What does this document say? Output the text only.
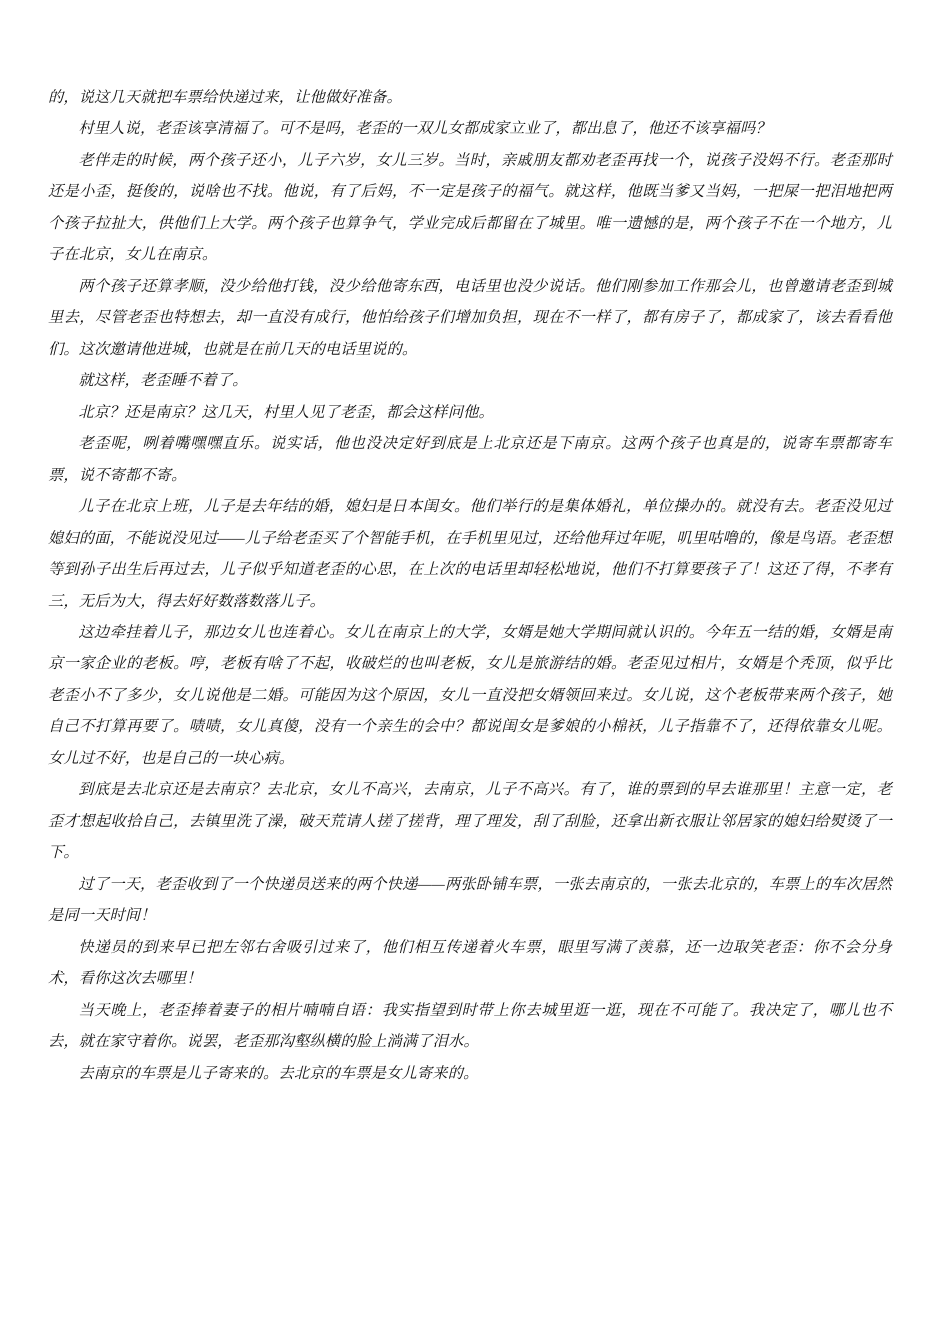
的，说这几天就把车票给快递过来，让他做好准备。

村里人说，老歪该享清福了。可不是吗，老歪的一双儿女都成家立业了，都出息了，他还不该享福吗？

老伴走的时候，两个孩子还小，儿子六岁，女儿三岁。当时，亲戚朋友都劝老歪再找一个，说孩子没妈不行。老歪那时还是小歪，挺俊的，说啥也不找。他说，有了后妈，不一定是孩子的福气。就这样，他既当爹又当妈，一把屎一把泪地把两个孩子拉扯大，供他们上大学。两个孩子也算争气，学业完成后都留在了城里。唯一遗憾的是，两个孩子不在一个地方，儿子在北京，女儿在南京。

两个孩子还算孝顺，没少给他打钱，没少给他寄东西，电话里也没少说话。他们刚参加工作那会儿，也曾邀请老歪到城里去，尽管老歪也特想去，却一直没有成行，他怕给孩子们增加负担，现在不一样了，都有房子了，都成家了，该去看看他们。这次邀请他进城，也就是在前几天的电话里说的。

就这样，老歪睡不着了。

北京？还是南京？这几天，村里人见了老歪，都会这样问他。

老歪呢，咧着嘴嘿嘿直乐。说实话，他也没决定好到底是上北京还是下南京。这两个孩子也真是的，说寄车票都寄车票，说不寄都不寄。

儿子在北京上班，儿子是去年结的婚，媳妇是日本闺女。他们举行的是集体婚礼，单位操办的。就没有去。老歪没见过媳妇的面，不能说没见过——儿子给老歪买了个智能手机，在手机里见过，还给他拜过年呢，叽里咕噜的，像是鸟语。老歪想等到孙子出生后再过去，儿子似乎知道老歪的心思，在上次的电话里却轻松地说，他们不打算要孩子了！这还了得，不孝有三，无后为大，得去好好数落数落儿子。

这边牵挂着儿子，那边女儿也连着心。女儿在南京上的大学，女婿是她大学期间就认识的。今年五一结的婚，女婿是南京一家企业的老板。哼，老板有啥了不起，收破烂的也叫老板，女儿是旅游结的婚。老歪见过相片，女婿是个秃顶，似乎比老歪小不了多少，女儿说他是二婚。可能因为这个原因，女儿一直没把女婿领回来过。女儿说，这个老板带来两个孩子，她自己不打算再要了。啧啧，女儿真傻，没有一个亲生的会中？都说闺女是爹娘的小棉袄，儿子指靠不了，还得依靠女儿呢。女儿过不好，也是自己的一块心病。

到底是去北京还是去南京？去北京，女儿不高兴，去南京，儿子不高兴。有了，谁的票到的早去谁那里！主意一定，老歪才想起收拾自己，去镇里洗了澡，破天荒请人搓了搓背，理了理发，刮了刮脸，还拿出新衣服让邻居家的媳妇给熨烫了一下。

过了一天，老歪收到了一个快递员送来的两个快递——两张卧铺车票，一张去南京的，一张去北京的，车票上的车次居然是同一天时间！

快递员的到来早已把左邻右舍吸引过来了，他们相互传递着火车票，眼里写满了羡慕，还一边取笑老歪：你不会分身术，看你这次去哪里！

当天晚上，老歪捧着妻子的相片喃喃自语：我实指望到时带上你去城里逛一逛，现在不可能了。我决定了，哪儿也不去，就在家守着你。说罢，老歪那沟壑纵横的脸上淌满了泪水。

去南京的车票是儿子寄来的。去北京的车票是女儿寄来的。
